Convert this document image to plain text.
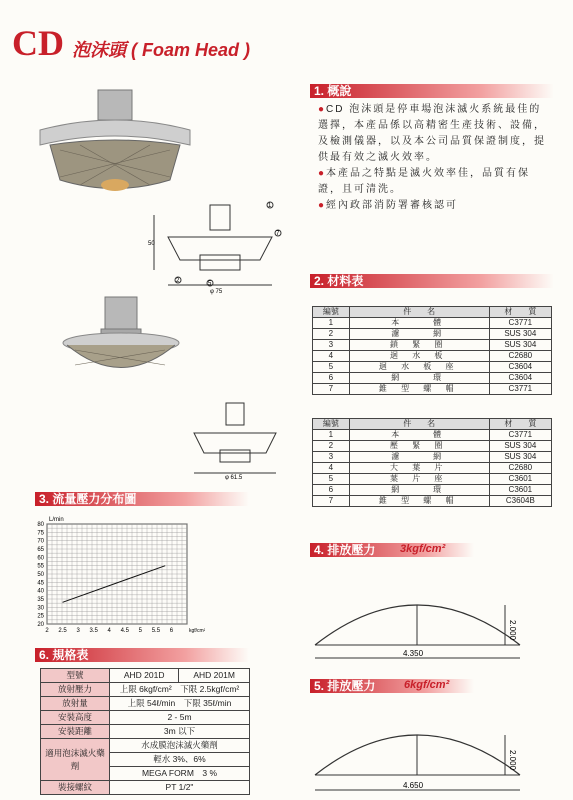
CD 泡沫頭 ( Foam Head )
50
φ 75
1
7
2	5
φ 61.5
1. 概說
●CD 泡沫頭是停車場泡沫滅火系統最佳的選擇，本產品係以高精密生產技術、設備，及檢測儀器，以及本公司品質保證制度，提供最有效之滅火效率。
●本產品之特點是滅火效率佳，品質有保證，且可清洗。
●經內政部消防署審核認可
2. 材料表
編號	件　　名	材　　質
1	本　　體	C3771
2	濾　　網	SUS 304
3	鎖 緊 圈	SUS 304
4	迴 水 板	C2680
5	迴 水 板 座	C3604
6	網　　環	C3604
7	錐 型 螺 帽	C3771
編號	件　　名	材　　質
1	本　　體	C3771
2	壓 緊 圈	SUS 304
3	濾　　網	SUS 304
4	大 葉 片	C2680
5	葉 片 座	C3601
6	網　　環	C3601
7	錐 型 螺 帽	C3604B
3. 流量壓力分布圖
20
25
30
35
40
45
50
55
60
65
70
75
80
2 2.5 3 3.5 4 4.5 5 5.5 6
L/min
kgf/cm²
4. 排放壓力	3kgf/cm²
4.350
2.000
5. 排放壓力	6kgf/cm²
4.650
2.000
6. 規格表
型號	AHD 201D	AHD 201M
放射壓力	上限 6kgf/cm²　下限 2.5kgf/cm²	
放射量	上限 54ℓ/min　下限 35ℓ/min	
安裝高度	2 - 5m	
安裝距離	3m 以下	
適用泡沫滅火藥劑	水成膜泡沫滅火藥劑	
	輕水 3%、6%	
	MEGA FORM　3 %	
裝接螺紋	PT 1/2"	
